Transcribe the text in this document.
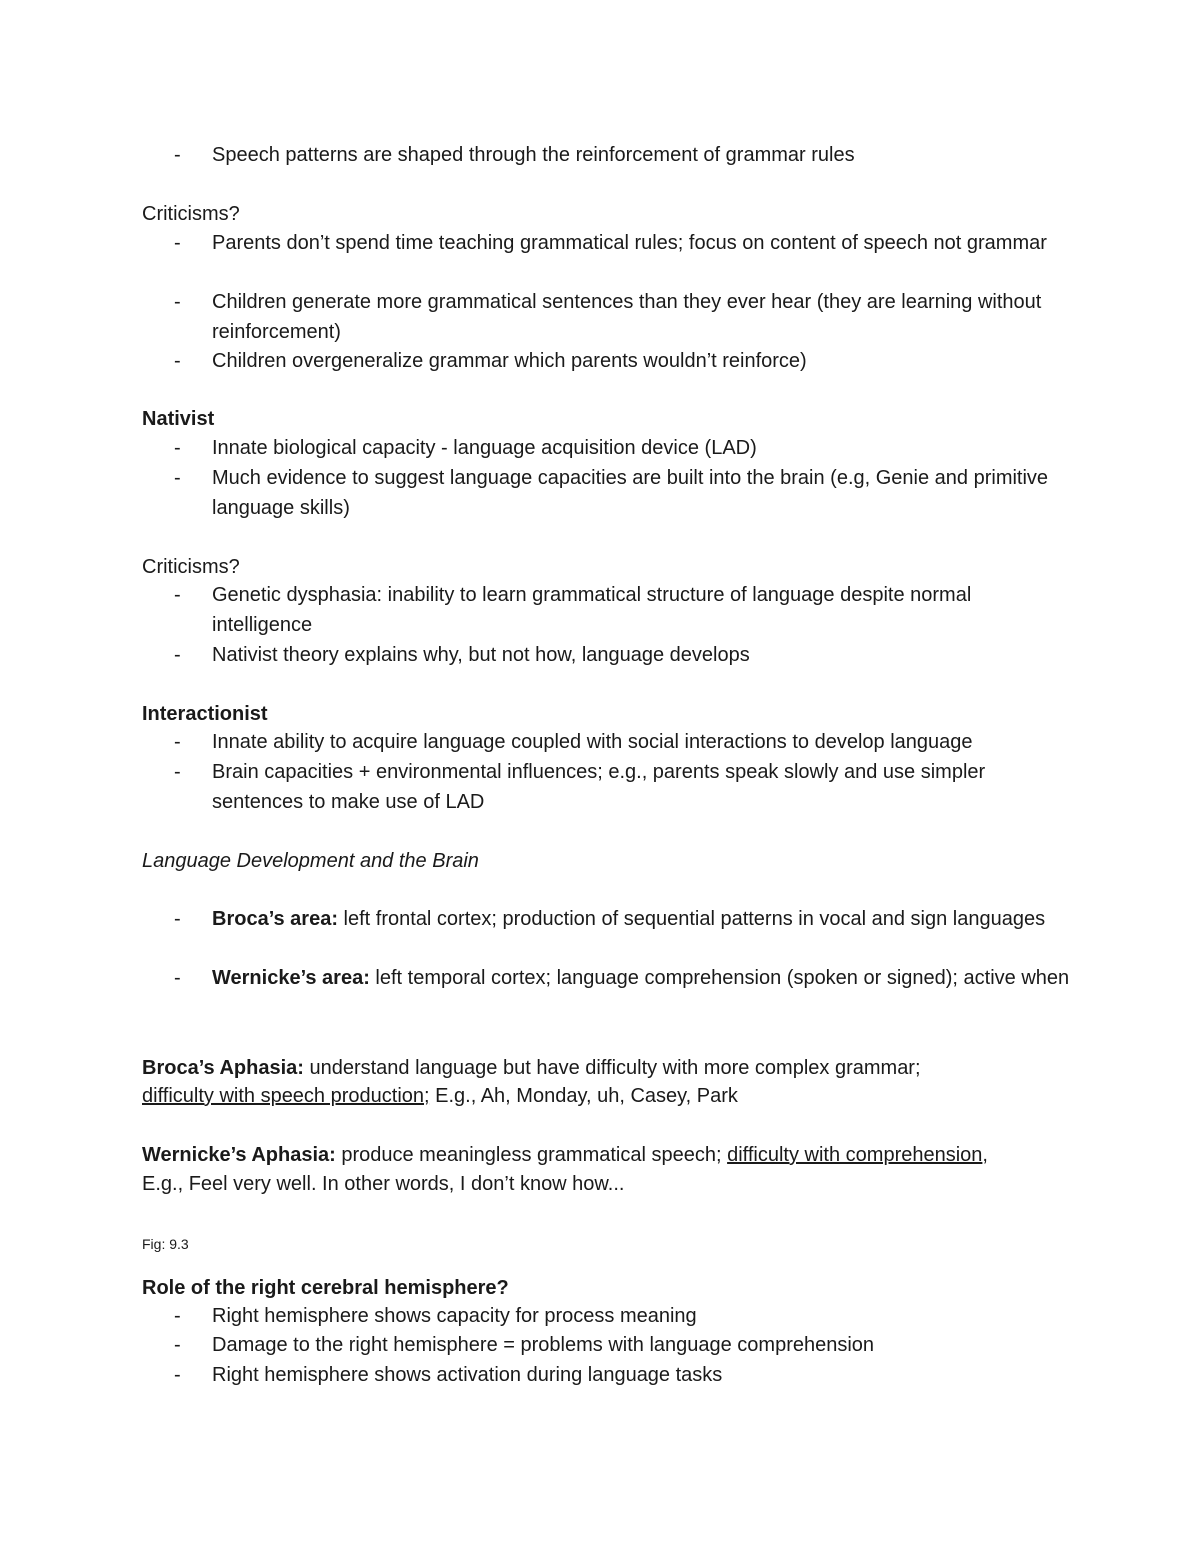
- Speech patterns are shaped through the reinforcement of grammar rules
Criticisms?
- Parents don’t spend time teaching grammatical rules; focus on content of speech not grammar
- Children generate more grammatical sentences than they ever hear (they are learning without reinforcement)
- Children overgeneralize grammar which parents wouldn’t reinforce)
Nativist
- Innate biological capacity - language acquisition device (LAD)
- Much evidence to suggest language capacities are built into the brain (e.g, Genie and primitive language skills)
Criticisms?
- Genetic dysphasia: inability to learn grammatical structure of language despite normal intelligence
- Nativist theory explains why, but not how, language develops
Interactionist
- Innate ability to acquire language coupled with social interactions to develop language
- Brain capacities + environmental influences; e.g., parents speak slowly and use simpler sentences to make use of LAD
Language Development and the Brain
- Broca’s area: left frontal cortex; production of sequential patterns in vocal and sign languages
- Wernicke’s area: left temporal cortex; language comprehension (spoken or signed); active when
Broca’s Aphasia: understand language but have difficulty with more complex grammar;
difficulty with speech production; E.g., Ah, Monday, uh, Casey, Park
Wernicke’s Aphasia: produce meaningless grammatical speech; difficulty with comprehension,
E.g., Feel very well. In other words, I don’t know how...
Fig: 9.3
Role of the right cerebral hemisphere?
- Right hemisphere shows capacity for process meaning
- Damage to the right hemisphere = problems with language comprehension
- Right hemisphere shows activation during language tasks
